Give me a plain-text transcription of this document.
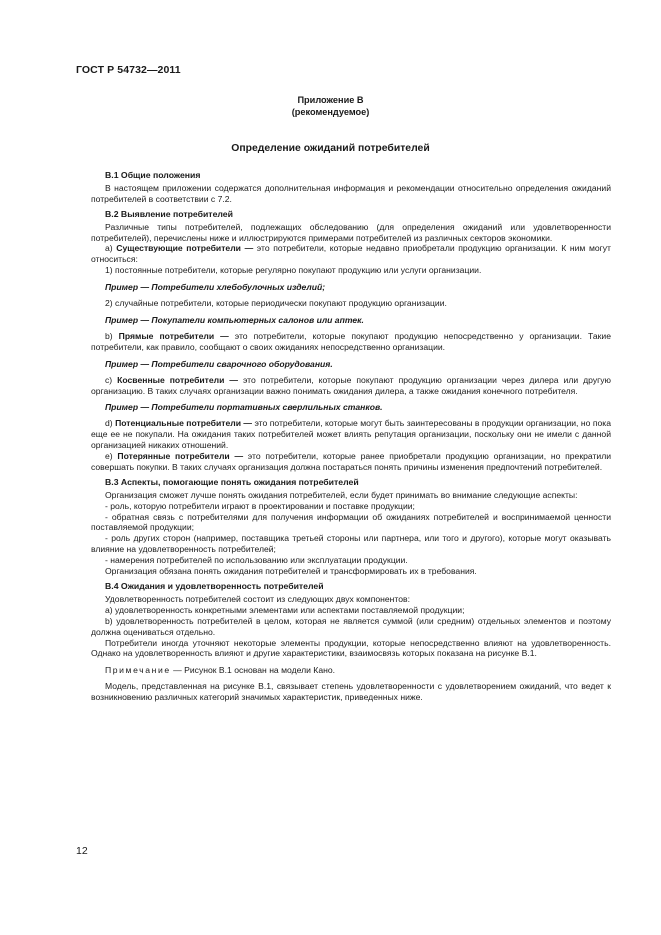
ГОСТ Р 54732—2011
Приложение В
(рекомендуемое)
Определение ожиданий потребителей
В.1 Общие положения

В настоящем приложении содержатся дополнительная информация и рекомендации относительно определения ожиданий потребителей в соответствии с 7.2.

В.2 Выявление потребителей

Различные типы потребителей, подлежащих обследованию (для определения ожиданий или удовлетворенности потребителей), перечислены ниже и иллюстрируются примерами потребителей из различных секторов экономики.

а) Существующие потребители — это потребители, которые недавно приобретали продукцию организации. К ним могут относиться:

1) постоянные потребители, которые регулярно покупают продукцию или услуги организации.

Пример — Потребители хлебобулочных изделий;

2) случайные потребители, которые периодически покупают продукцию организации.

Пример — Покупатели компьютерных салонов или аптек.

b) Прямые потребители — это потребители, которые покупают продукцию непосредственно у организации. Такие потребители, как правило, сообщают о своих ожиданиях непосредственно организации.

Пример — Потребители сварочного оборудования.

с) Косвенные потребители — это потребители, которые покупают продукцию организации через дилера или другую организацию. В таких случаях организации важно понимать ожидания дилера, а также ожидания конечного потребителя.

Пример — Потребители портативных сверлильных станков.

d) Потенциальные потребители — это потребители, которые могут быть заинтересованы в продукции организации, но пока еще ее не покупали. На ожидания таких потребителей может влиять репутация организации, поскольку они не имели с данной организацией никаких отношений.

е) Потерянные потребители — это потребители, которые ранее приобретали продукцию организации, но прекратили совершать покупки. В таких случаях организация должна постараться понять причины изменения предпочтений потребителей.

В.3 Аспекты, помогающие понять ожидания потребителей

Организация сможет лучше понять ожидания потребителей, если будет принимать во внимание следующие аспекты:

- роль, которую потребители играют в проектировании и поставке продукции;

- обратная связь с потребителями для получения информации об ожиданиях потребителей и воспринимаемой ценности поставляемой продукции;

- роль других сторон (например, поставщика третьей стороны или партнера, или того и другого), которые могут оказывать влияние на удовлетворенность потребителей;

- намерения потребителей по использованию или эксплуатации продукции.

Организация обязана понять ожидания потребителей и трансформировать их в требования.

В.4 Ожидания и удовлетворенность потребителей

Удовлетворенность потребителей состоит из следующих двух компонентов:

а) удовлетворенность конкретными элементами или аспектами поставляемой продукции;

b) удовлетворенность потребителей в целом, которая не является суммой (или средним) отдельных элементов и поэтому должна оцениваться отдельно.

Потребители иногда уточняют некоторые элементы продукции, которые непосредственно влияют на удовлетворенность. Однако на удовлетворенность влияют и другие характеристики, взаимосвязь которых показана на рисунке В.1.

Примечание — Рисунок В.1 основан на модели Кано.

Модель, представленная на рисунке В.1, связывает степень удовлетворенности с удовлетворением ожиданий, что ведет к возникновению различных категорий значимых характеристик, приведенных ниже.

12
